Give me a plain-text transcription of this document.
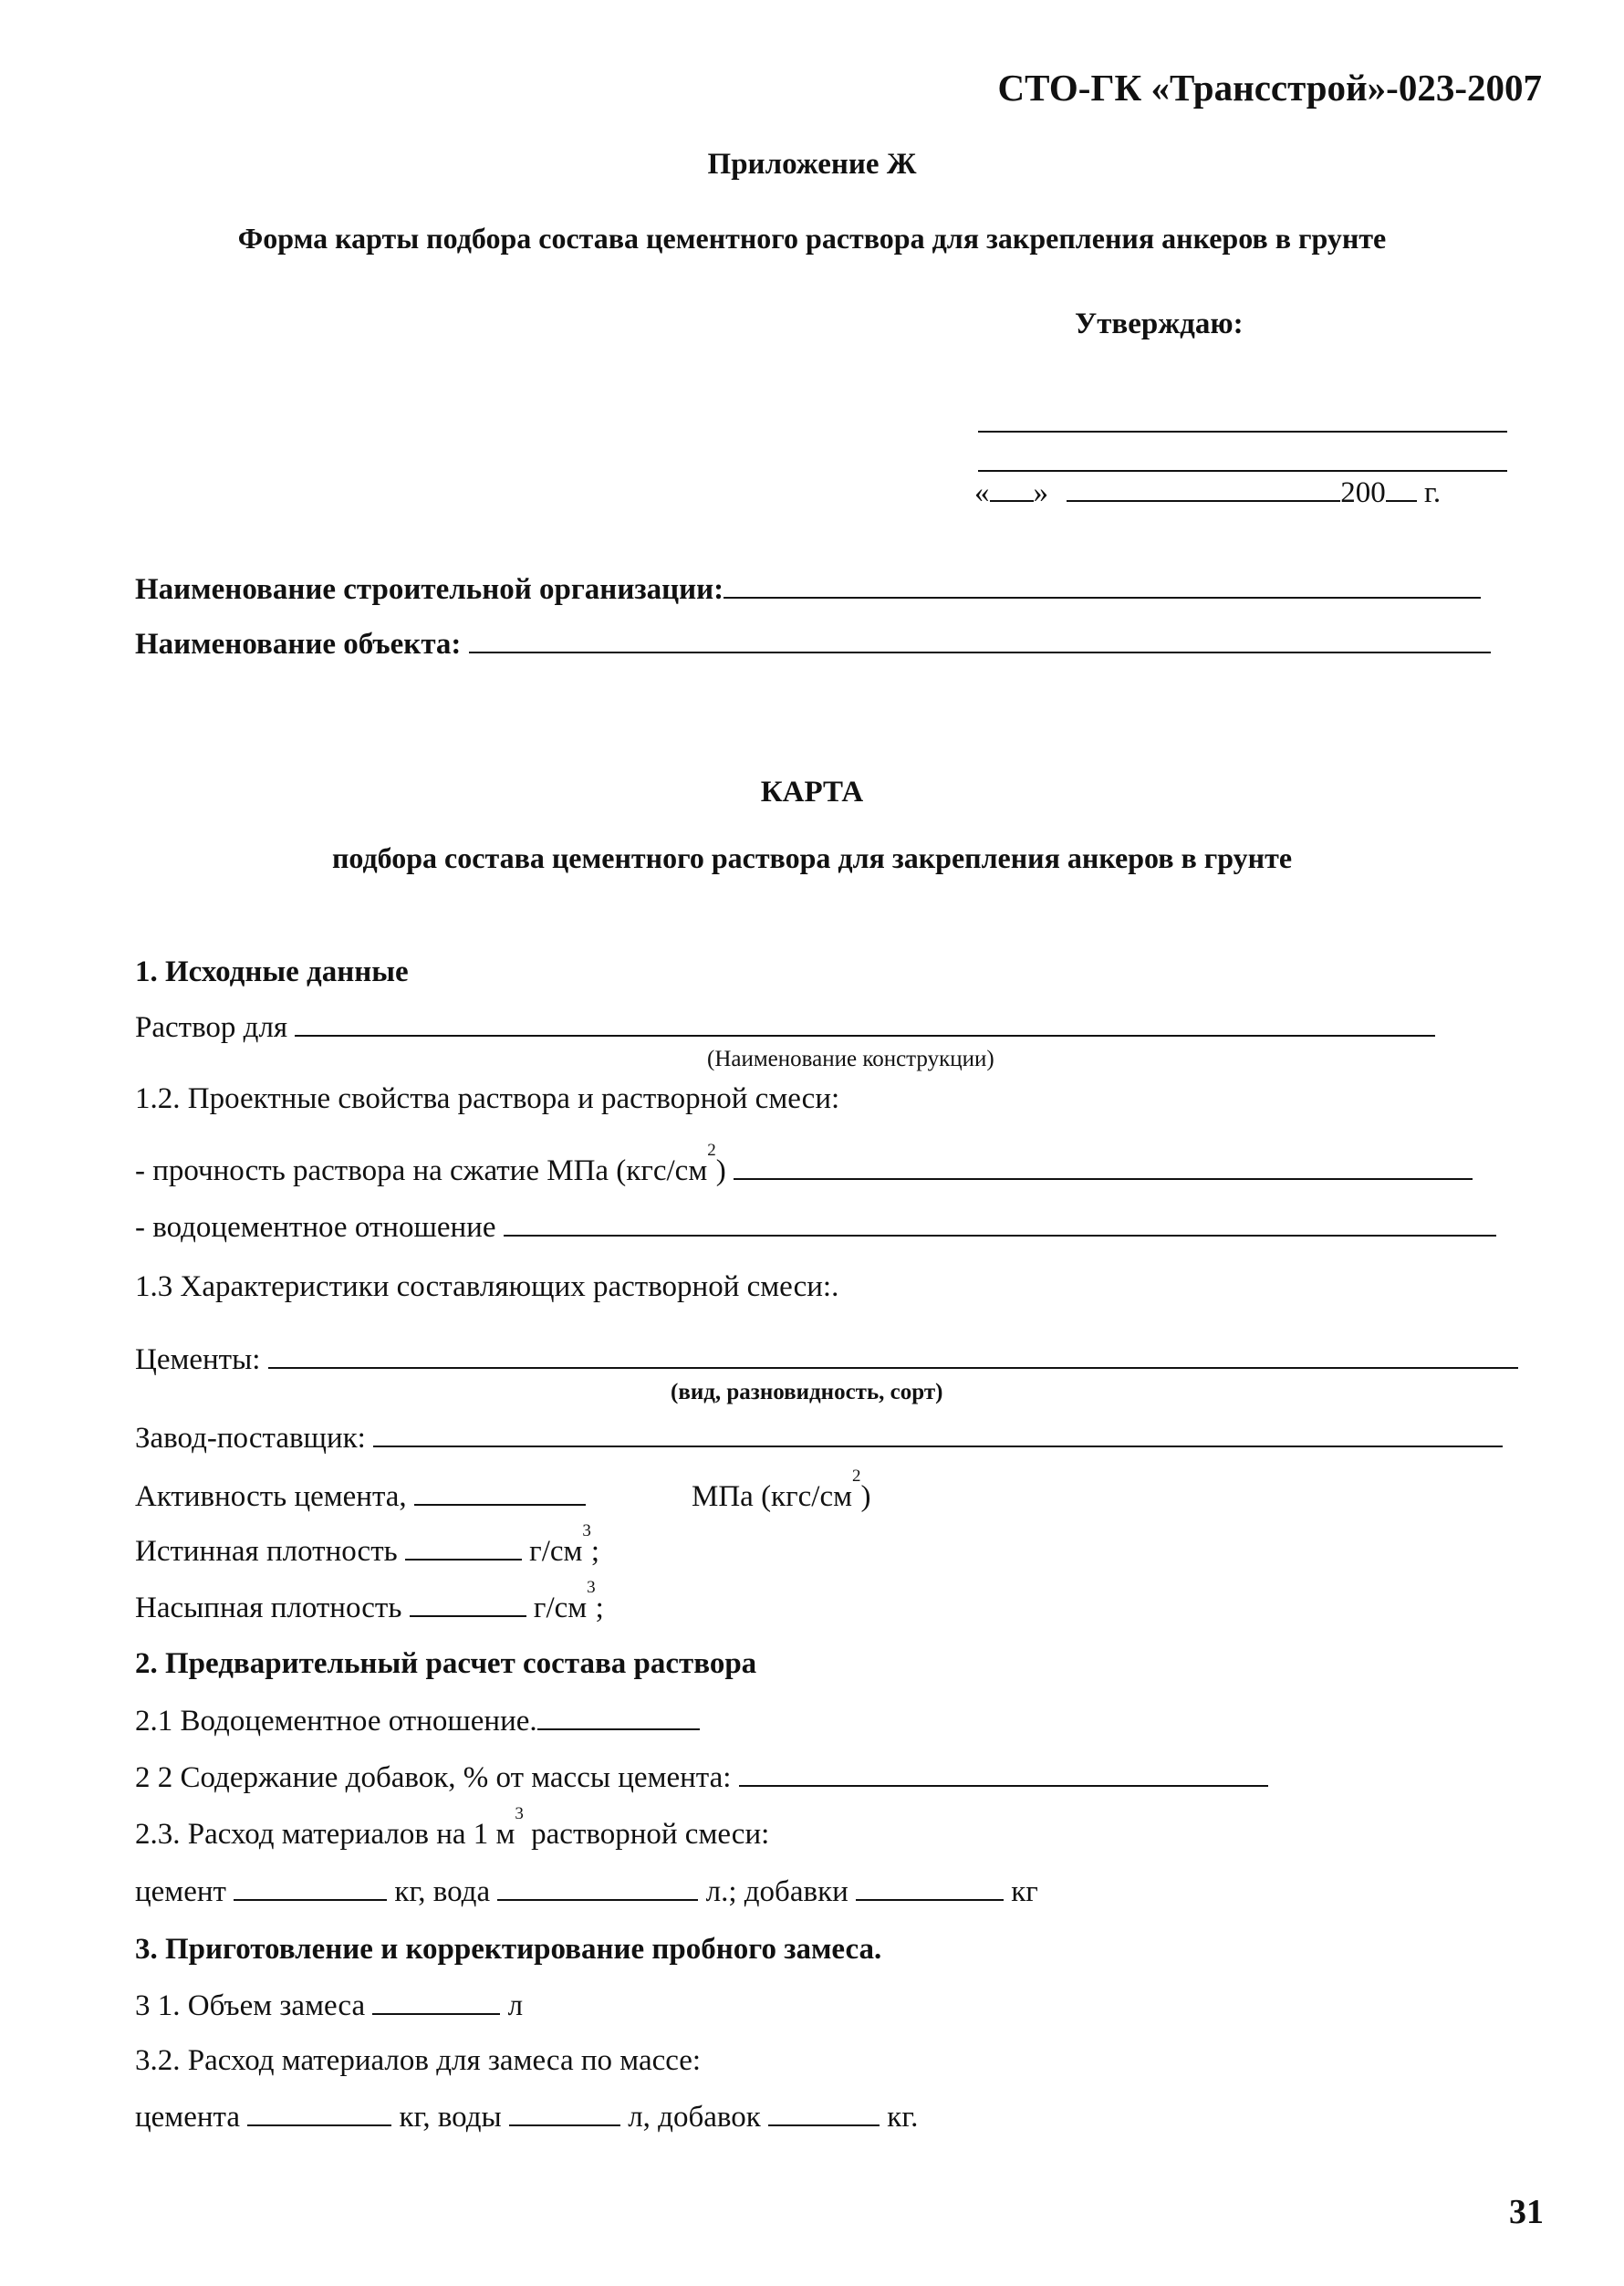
СТО-ГК «Трансстрой»-023-2007
Приложение Ж
Форма карты подбора состава цементного раствора для закрепления анкеров в грунте
Утверждаю:
« »	200 г.
Наименование строительной организации:
Наименование объекта:
КАРТА
подбора состава цементного раствора для закрепления анкеров в грунте
1. Исходные данные
Раствор для
(Наименование конструкции)
1.2. Проектные свойства раствора и растворной смеси:
- прочность раствора на сжатие МПа $(кгс/см^2)$
- водоцементное отношение
1.3 Характеристики составляющих растворной смеси:.
Цементы:
(вид, разновидность, сорт)
Завод-поставщик:
Активность цемента,	МПа $(кгс/см^2)$
Истинная плотность	$г/см^3$;
Насыпная плотность	$г/см^3$;
2. Предварительный расчет состава раствора
2.1 Водоцементное отношение.
2 2 Содержание добавок, % от массы цемента:
2.3. Расход материалов на 1 $м^3$ растворной смеси:
цемент	кг, вода	л.; добавки	кг
3. Приготовление и корректирование пробного замеса.
3 1. Объем замеса	л
3.2. Расход материалов для замеса по массе:
цемента	кг, воды	л, добавок	кг.
31
